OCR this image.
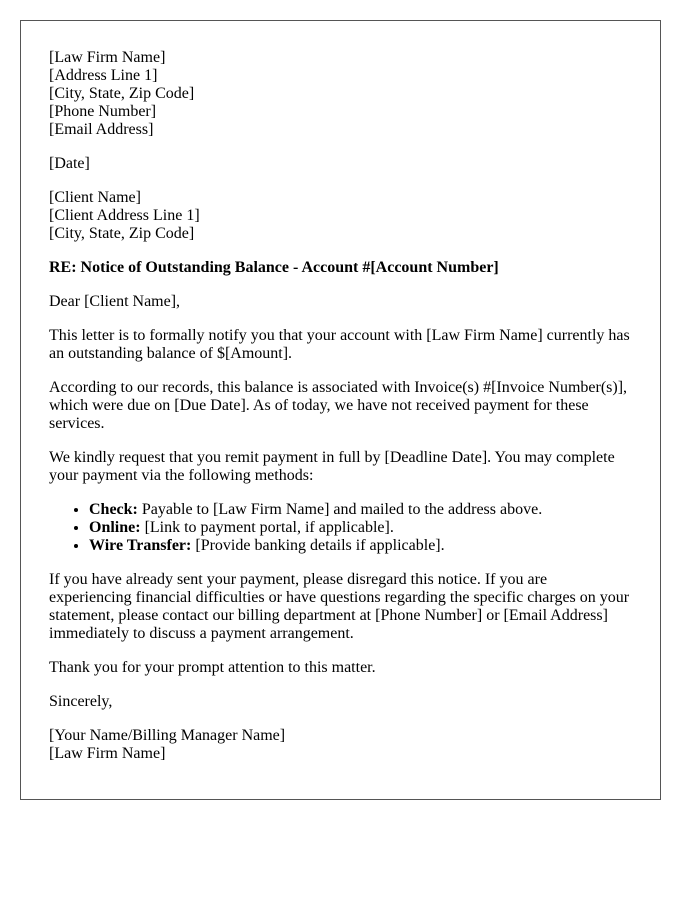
[Law Firm Name]
[Address Line 1]
[City, State, Zip Code]
[Phone Number]
[Email Address]

[Date]

[Client Name]
[Client Address Line 1]
[City, State, Zip Code]

RE: Notice of Outstanding Balance - Account #[Account Number]

Dear [Client Name],

This letter is to formally notify you that your account with [Law Firm Name] currently has an outstanding balance of $[Amount].

According to our records, this balance is associated with Invoice(s) #[Invoice Number(s)], which were due on [Due Date]. As of today, we have not received payment for these services.

We kindly request that you remit payment in full by [Deadline Date]. You may complete your payment via the following methods:

• Check: Payable to [Law Firm Name] and mailed to the address above.
• Online: [Link to payment portal, if applicable].
• Wire Transfer: [Provide banking details if applicable].

If you have already sent your payment, please disregard this notice. If you are experiencing financial difficulties or have questions regarding the specific charges on your statement, please contact our billing department at [Phone Number] or [Email Address] immediately to discuss a payment arrangement.

Thank you for your prompt attention to this matter.

Sincerely,

[Your Name/Billing Manager Name]
[Law Firm Name]
